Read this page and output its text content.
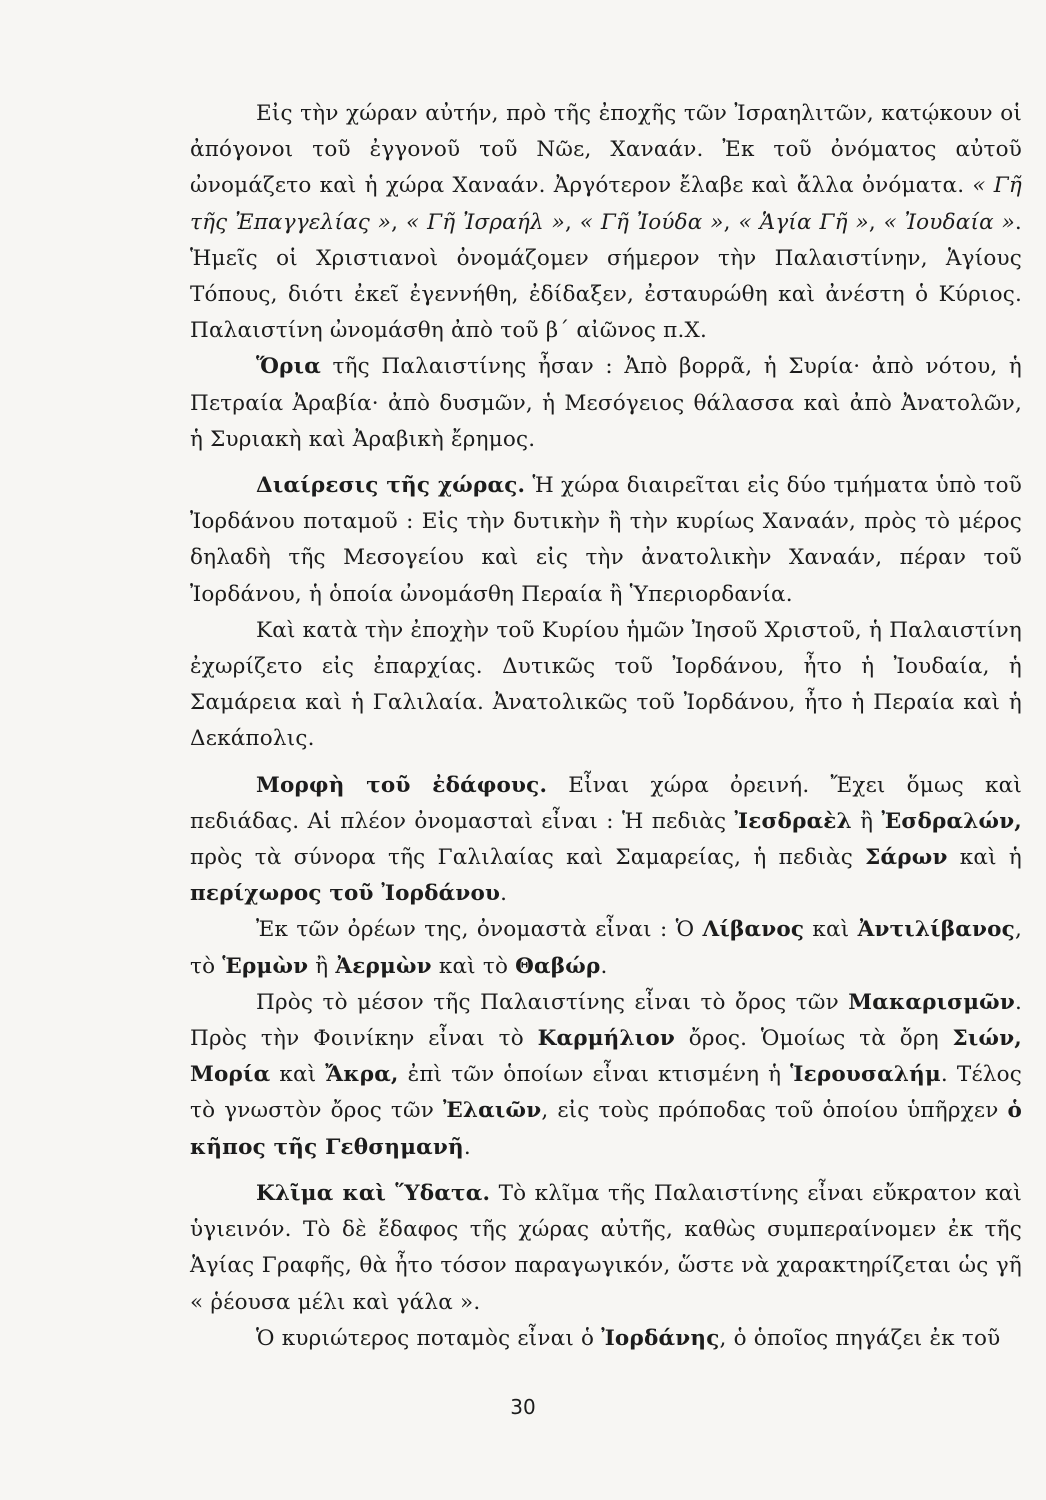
Εἰς τὴν χώραν αὐτήν, πρὸ τῆς ἐποχῆς τῶν Ἰσραηλιτῶν, κατῴκουν οἱ ἀπόγονοι τοῦ ἐγγονοῦ τοῦ Νῶε, Χαναάν. Ἐκ τοῦ ὀνόματος αὐτοῦ ὠνομάζετο καὶ ἡ χώρα Χαναάν. Ἀργότερον ἔλαβε καὶ ἄλλα ὀνόματα. « Γῆ τῆς Ἐπαγγελίας », « Γῆ Ἰσραήλ », « Γῆ Ἰούδα », « Ἁγία Γῆ », « Ἰουδαία ». Ἡμεῖς οἱ Χριστιανοὶ ὀνομάζομεν σήμερον τὴν Παλαιστίνην, Ἁγίους Τόπους, διότι ἐκεῖ ἐγεννήθη, ἐδίδαξεν, ἐσταυρώθη καὶ ἀνέστη ὁ Κύριος. Παλαιστίνη ὠνομάσθη ἀπὸ τοῦ β΄ αἰῶνος π.Χ.

Ὅρια τῆς Παλαιστίνης ἦσαν : Ἀπὸ βορρᾶ, ἡ Συρία· ἀπὸ νότου, ἡ Πετραία Ἀραβία· ἀπὸ δυσμῶν, ἡ Μεσόγειος θάλασσα καὶ ἀπὸ Ἀνατολῶν, ἡ Συριακὴ καὶ Ἀραβικὴ ἔρημος.

Διαίρεσις τῆς χώρας. Ἡ χώρα διαιρεῖται εἰς δύο τμήματα ὑπὸ τοῦ Ἰορδάνου ποταμοῦ : Εἰς τὴν δυτικὴν ἢ τὴν κυρίως Χαναάν, πρὸς τὸ μέρος δηλαδὴ τῆς Μεσογείου καὶ εἰς τὴν ἀνατολικὴν Χαναάν, πέραν τοῦ Ἰορδάνου, ἡ ὁποία ὠνομάσθη Περαία ἢ Ὑπεριορδανία.

Καὶ κατὰ τὴν ἐποχὴν τοῦ Κυρίου ἡμῶν Ἰησοῦ Χριστοῦ, ἡ Παλαιστίνη ἐχωρίζετο εἰς ἐπαρχίας. Δυτικῶς τοῦ Ἰορδάνου, ἦτο ἡ Ἰουδαία, ἡ Σαμάρεια καὶ ἡ Γαλιλαία. Ἀνατολικῶς τοῦ Ἰορδάνου, ἦτο ἡ Περαία καὶ ἡ Δεκάπολις.

Μορφὴ τοῦ ἐδάφους. Εἶναι χώρα ὀρεινή. Ἔχει ὅμως καὶ πεδιάδας. Αἱ πλέον ὀνομασταὶ εἶναι : Ἡ πεδιὰς Ἰεσδραὲλ ἢ Ἐσδραλών, πρὸς τὰ σύνορα τῆς Γαλιλαίας καὶ Σαμαρείας, ἡ πεδιὰς Σάρων καὶ ἡ περίχωρος τοῦ Ἰορδάνου.

Ἐκ τῶν ὀρέων της, ὀνομαστὰ εἶναι : Ὁ Λίβανος καὶ Ἀντιλίβανος, τὸ Ἑρμὼν ἢ Ἀερμὼν καὶ τὸ Θαβώρ.

Πρὸς τὸ μέσον τῆς Παλαιστίνης εἶναι τὸ ὄρος τῶν Μακαρισμῶν. Πρὸς τὴν Φοινίκην εἶναι τὸ Καρμήλιον ὄρος. Ὁμοίως τὰ ὄρη Σιών, Μορία καὶ Ἄκρα, ἐπὶ τῶν ὁποίων εἶναι κτισμένη ἡ Ἱερουσαλήμ. Τέλος τὸ γνωστὸν ὄρος τῶν Ἐλαιῶν, εἰς τοὺς πρόποδας τοῦ ὁποίου ὑπῆρχεν ὁ κῆπος τῆς Γεθσημανῆ.

Κλῖμα καὶ Ὕδατα. Τὸ κλῖμα τῆς Παλαιστίνης εἶναι εὔκρατον καὶ ὑγιεινόν. Τὸ δὲ ἔδαφος τῆς χώρας αὐτῆς, καθὼς συμπεραίνομεν ἐκ τῆς Ἁγίας Γραφῆς, θὰ ἦτο τόσον παραγωγικόν, ὥστε νὰ χαρακτηρίζεται ὡς γῆ « ῥέουσα μέλι καὶ γάλα ».

Ὁ κυριώτερος ποταμὸς εἶναι ὁ Ἰορδάνης, ὁ ὁποῖος πηγάζει ἐκ τοῦ

30
